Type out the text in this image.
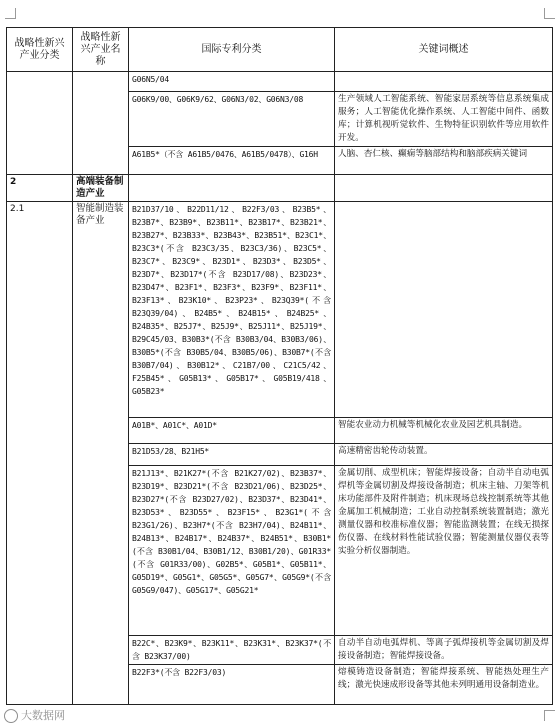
战略性新兴产业分类	战略性新兴产业名称	国际专利分类	关键词概述
		G06N5/04	
		G06K9/00、G06K9/62、G06N3/02、G06N3/08	生产领域人工智能系统、智能家居系统等信息系统集成服务；人工智能优化操作系统、人工智能中间件、函数库；计算机视听觉软件、生物特征识别软件等应用软件开发。
		A61B5*（不含 A61B5/0476、A61B5/0478）、G16H	人脑、杏仁核、癫痫等脑部结构和脑部疾病关键词
2	高端装备制造产业		
2.1	智能制造装备产业	B21D37/10、B22D11/12、B22F3/03、B23B5*、B23B7*、B23B9*、B23B11*、B23B17*、B23B21*、B23B27*、B23B33*、B23B43*、B23B51*、B23C1*、B23C3*(不含 B23C3/35、B23C3/36)、B23C5*、B23C7*、B23C9*、B23D1*、B23D3*、B23D5*、B23D7*、B23D17*(不含 B23D17/08)、B23D23*、B23D47*、B23F1*、B23F3*、B23F9*、B23F11*、B23F13*、B23K10*、B23P23*、B23Q39*(不含 B23Q39/04)、B24B5*、B24B15*、B24B25*、B24B35*、B25J7*、B25J9*、B25J11*、B25J19*、B29C45/03、B30B3*(不含 B30B3/04、B30B3/06)、B30B5*(不含 B30B5/04、B30B5/06)、B30B7*(不含 B30B7/04)、B30B12*、C21B7/00、C21C5/42、F25B45*、G05B13*、G05B17*、G05B19/418、G05B23*	
		A01B*、A01C*、A01D*	智能农业动力机械等机械化农业及园艺机具制造。
		B21D53/28、B21H5*	高速精密齿轮传动装置。
		B21J13*、B21K27*(不含 B21K27/02)、B23B37*、B23D19*、B23D21*(不含 B23D21/06)、B23D25*、B23D27*(不含 B23D27/02)、B23D37*、B23D41*、B23D53*、B23D55*、B23F15*、B23G1*(不含 B23G1/26)、B23H7*(不含 B23H7/04)、B24B11*、B24B13*、B24B17*、B24B37*、B24B51*、B30B1*(不含 B30B1/04、B30B1/12、B30B1/20)、G01R33*(不含 G01R33/00)、G02B5*、G05B1*、G05B11*、G05D19*、G05G1*、G05G5*、G05G7*、G05G9*(不含 G05G9/047)、G05G17*、G05G21*	金属切削、成型机床；智能焊接设备；自动半自动电弧焊机等金属切割及焊接设备制造；机床主轴、刀架等机床功能部件及附件制造；机床现场总线控制系统等其他金属加工机械制造；工业自动控制系统装置制造；激光测量仪器和校准标准仪器；智能监测装置；在线无损探伤仪器、在线材料性能试验仪器；智能测量仪器仪表等实验分析仪器制造。
		B22C*、B23K9*、B23K11*、B23K31*、B23K37*(不含 B23K37/00)	自动半自动电弧焊机、等离子弧焊接机等金属切割及焊接设备制造；智能焊接设备。
		B22F3*(不含 B22F3/03)	熔模铸造设备制造；智能焊接系统、智能热处理生产线；激光快速成形设备等其他未列明通用设备制造业。
大数据网
